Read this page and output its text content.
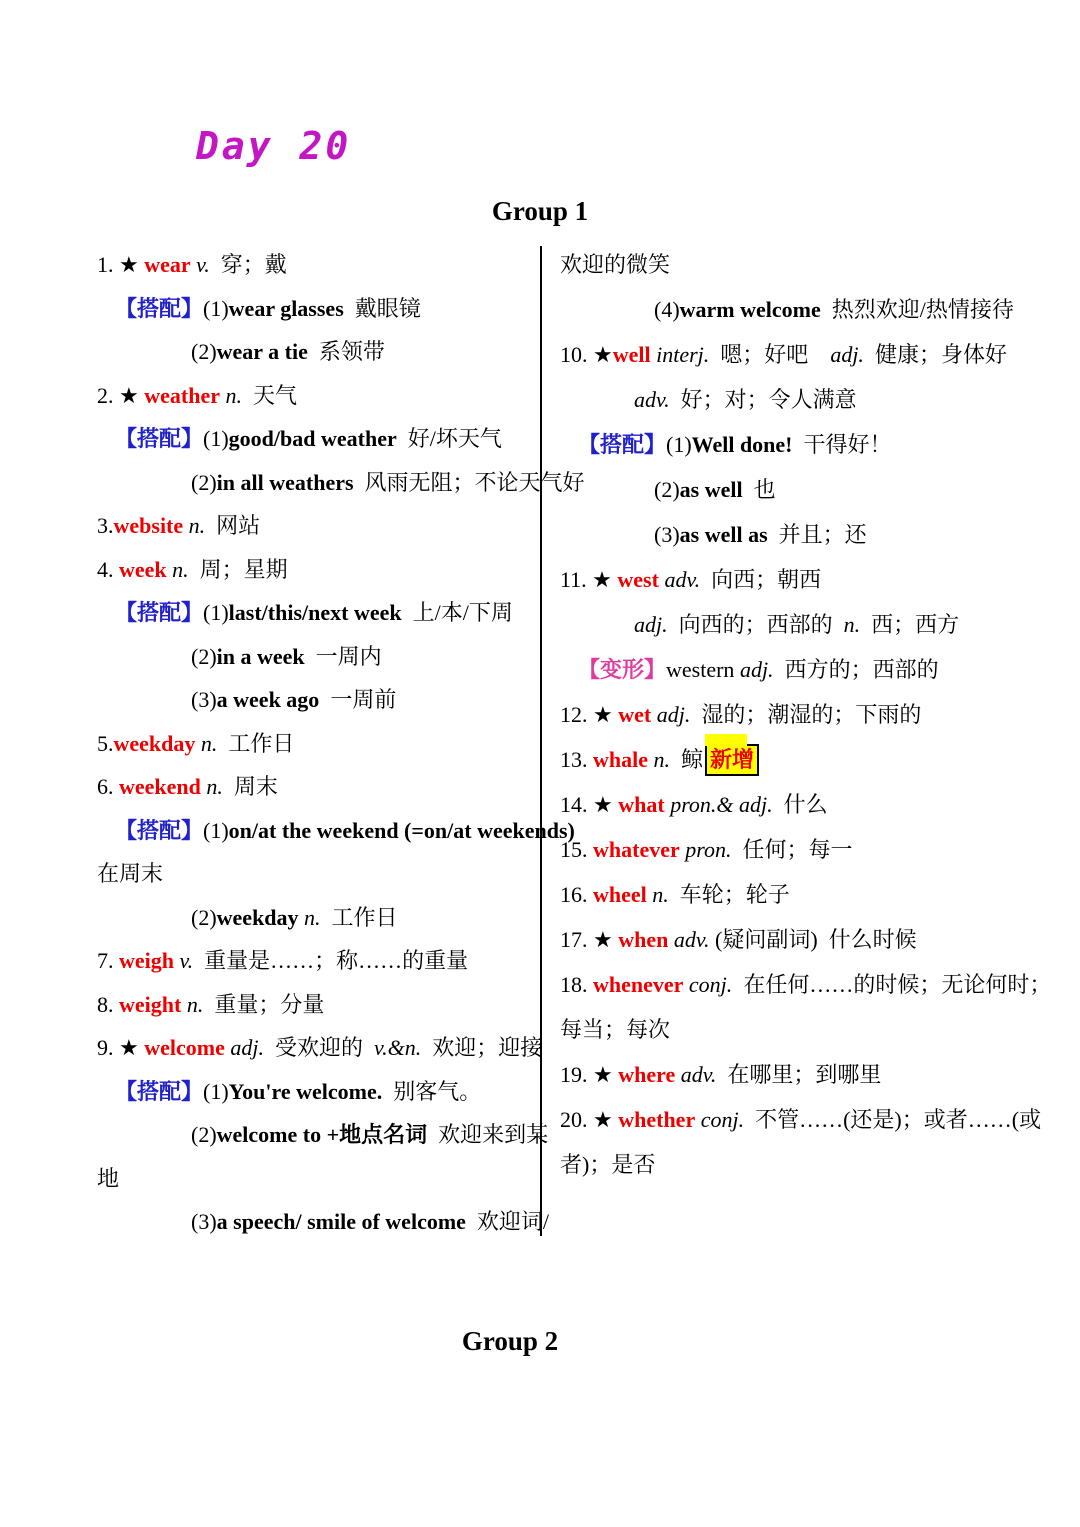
Day 20
Group 1
1. ★ wear v.  穿；戴
【搭配】(1)wear glasses  戴眼镜
(2)wear a tie  系领带
2. ★ weather n.  天气
【搭配】(1)good/bad weather  好/坏天气
(2)in all weathers  风雨无阻；不论天气好
3.website n.  网站
4. week n.  周；星期
【搭配】(1)last/this/next week  上/本/下周
(2)in a week  一周内
(3)a week ago  一周前
5.weekday n.  工作日
6. weekend n.  周末
【搭配】(1)on/at the weekend (=on/at weekends)
在周末
(2)weekday n.  工作日
7. weigh v.  重量是……；称……的重量
8. weight n.  重量；分量
9. ★ welcome adj.  受欢迎的  v.&n.  欢迎；迎接
【搭配】(1)You're welcome.  别客气。
(2)welcome to +地点名词  欢迎来到某
地
(3)a speech/ smile of welcome  欢迎词/
欢迎的微笑
(4)warm welcome  热烈欢迎/热情接待
10. ★well interj.  嗯；好吧    adj.  健康；身体好
adv.  好；对；令人满意
【搭配】(1)Well done!  干得好！
(2)as well  也
(3)as well as  并且；还
11. ★ west adv.  向西；朝西
adj.  向西的；西部的  n.  西；西方
【变形】western adj.  西方的；西部的
12. ★ wet adj.  湿的；潮湿的；下雨的
13. whale n.  鲸 新增
14. ★ what pron.& adj.  什么
15. whatever pron.  任何；每一
16. wheel n.  车轮；轮子
17. ★ when adv. (疑问副词)  什么时候
18. whenever conj.  在任何……的时候；无论何时；
每当；每次
19. ★ where adv.  在哪里；到哪里
20. ★ whether conj.  不管……(还是)；或者……(或
者)；是否
Group 2
